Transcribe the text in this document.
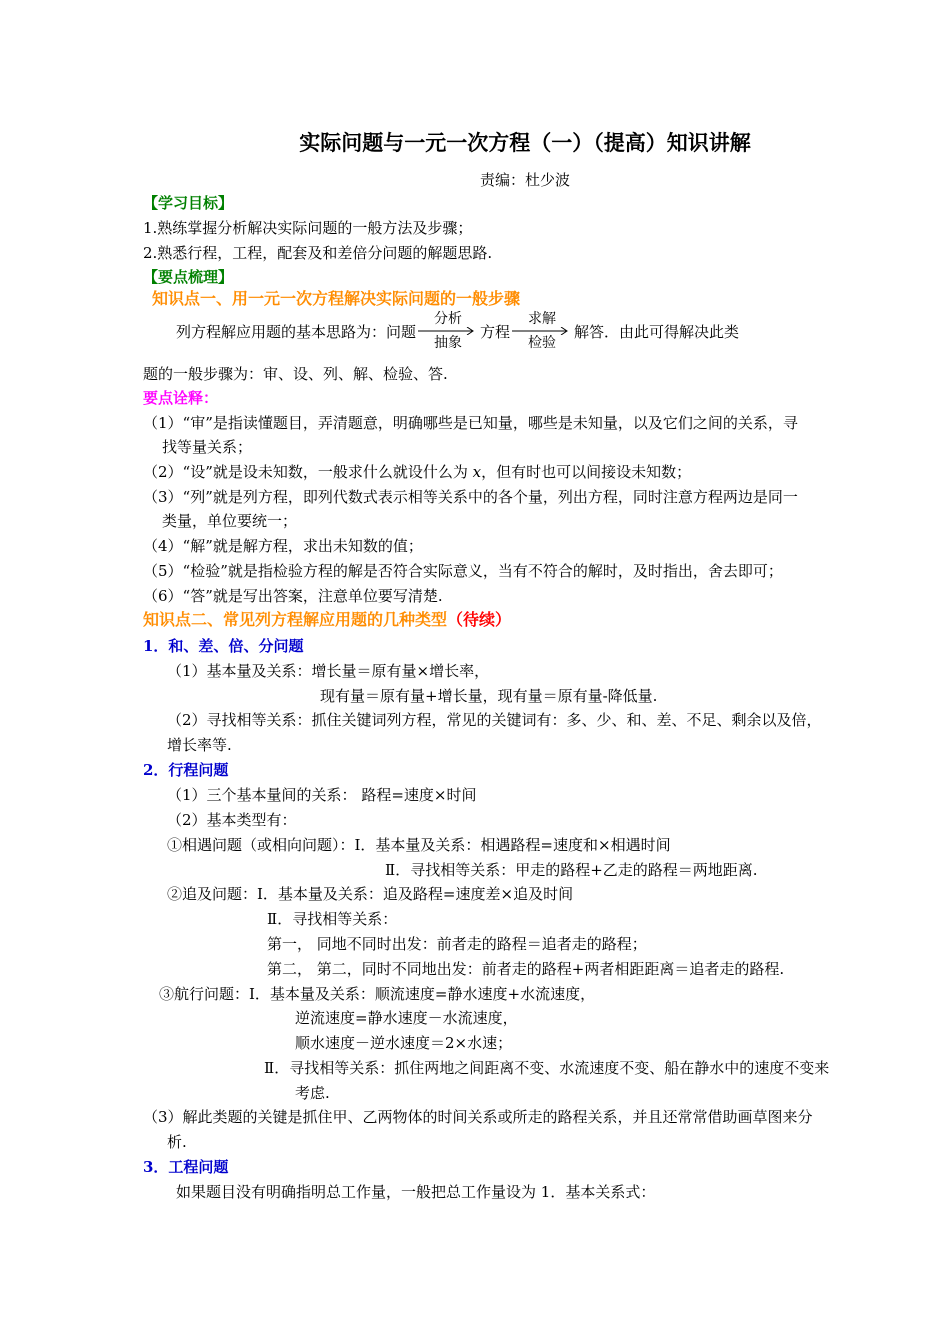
实际问题与一元一次方程（一）（提高）知识讲解
责编：杜少波
【学习目标】
1.熟练掌握分析解决实际问题的一般方法及步骤；
2.熟悉行程，工程，配套及和差倍分问题的解题思路.
【要点梳理】
知识点一、用一元一次方程解决实际问题的一般步骤
列方程解应用题的基本思路为：问题
分析
抽象
方程
求解
检验
解答．由此可得解决此类
题的一般步骤为：审、设、列、解、检验、答.
要点诠释：
（1）“审”是指读懂题目，弄清题意，明确哪些是已知量，哪些是未知量，以及它们之间的关系，寻
找等量关系；
（2）“设”就是设未知数，一般求什么就设什么为 x，但有时也可以间接设未知数；
（3）“列”就是列方程，即列代数式表示相等关系中的各个量，列出方程，同时注意方程两边是同一
类量，单位要统一；
（4）“解”就是解方程，求出未知数的值；
（5）“检验”就是指检验方程的解是否符合实际意义，当有不符合的解时，及时指出，舍去即可；
（6）“答”就是写出答案，注意单位要写清楚.
知识点二、常见列方程解应用题的几种类型（待续）
1．和、差、倍、分问题
（1）基本量及关系：增长量＝原有量×增长率，
现有量＝原有量+增长量，现有量＝原有量-降低量.
（2）寻找相等关系：抓住关键词列方程，常见的关键词有：多、少、和、差、不足、剩余以及倍，
增长率等.
2．行程问题
（1）三个基本量间的关系： 路程=速度×时间
（2）基本类型有：
①相遇问题（或相向问题）：Ⅰ．基本量及关系：相遇路程=速度和×相遇时间
Ⅱ．寻找相等关系：甲走的路程+乙走的路程＝两地距离.
②追及问题：Ⅰ．基本量及关系：追及路程=速度差×追及时间
Ⅱ．寻找相等关系：
第一， 同地不同时出发：前者走的路程＝追者走的路程；
第二， 第二，同时不同地出发：前者走的路程+两者相距距离＝追者走的路程.
③航行问题：Ⅰ．基本量及关系：顺流速度=静水速度+水流速度，
逆流速度=静水速度－水流速度，
顺水速度－逆水速度＝2×水速；
Ⅱ．寻找相等关系：抓住两地之间距离不变、水流速度不变、船在静水中的速度不变来
考虑.
（3）解此类题的关键是抓住甲、乙两物体的时间关系或所走的路程关系，并且还常常借助画草图来分
析.
3．工程问题
如果题目没有明确指明总工作量，一般把总工作量设为 1．基本关系式：
